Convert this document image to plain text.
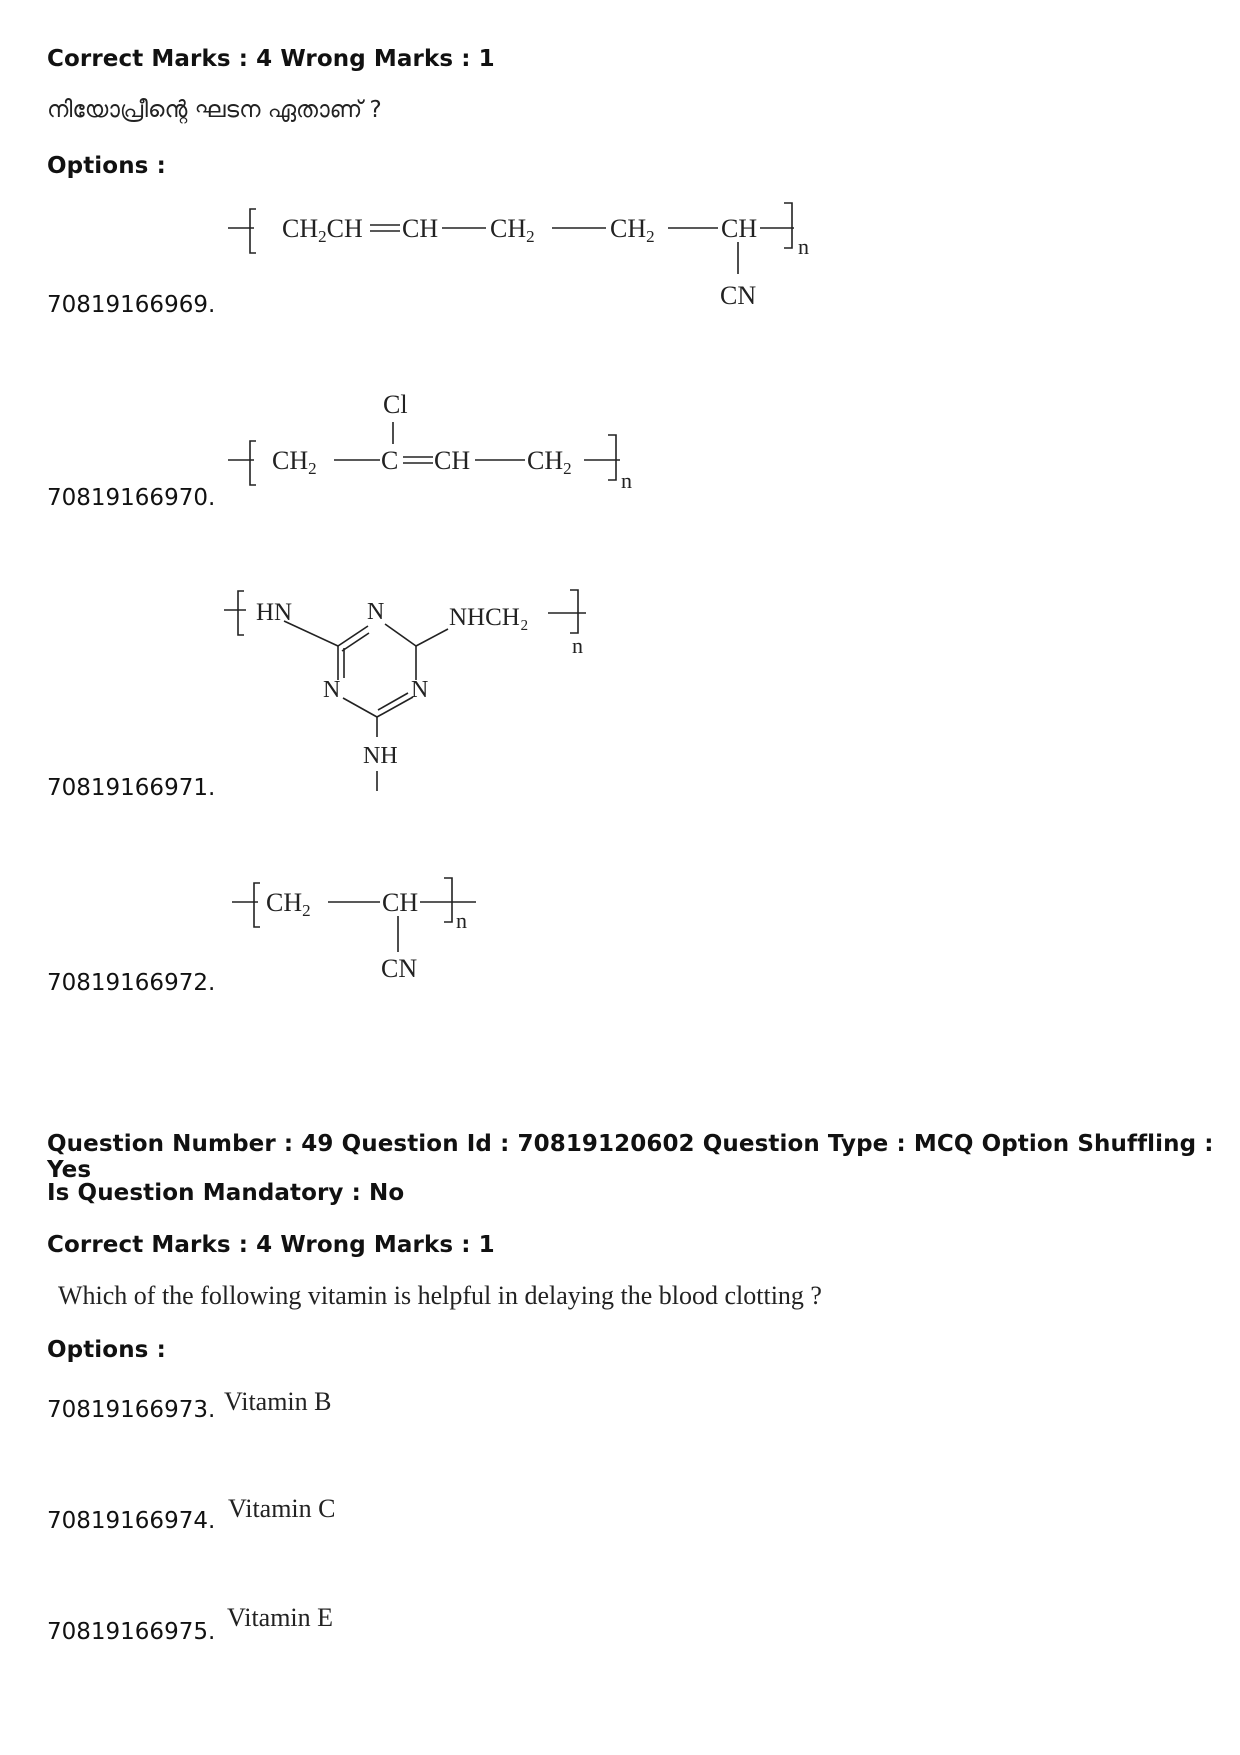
Correct Marks : 4 Wrong Marks : 1
നിയോപ്രീന്റെ ഘടന ഏതാണ് ?
Options :
70819166969.
CH2CH CH CH2	CH2	CH
CN
n
70819166970.
Cl
CH2 C CH CH2 n
70819166971.
HN	N	NHCH₂
n
N	N
NH
70819166972.
CH2	CH
CN
n
Question Number : 49 Question Id : 70819120602 Question Type : MCQ Option Shuffling : Yes
Is Question Mandatory : No
Correct Marks : 4 Wrong Marks : 1
Which of the following vitamin is helpful in delaying the blood clotting ?
Options :
70819166973. Vitamin B
70819166974. Vitamin C
70819166975. Vitamin E
